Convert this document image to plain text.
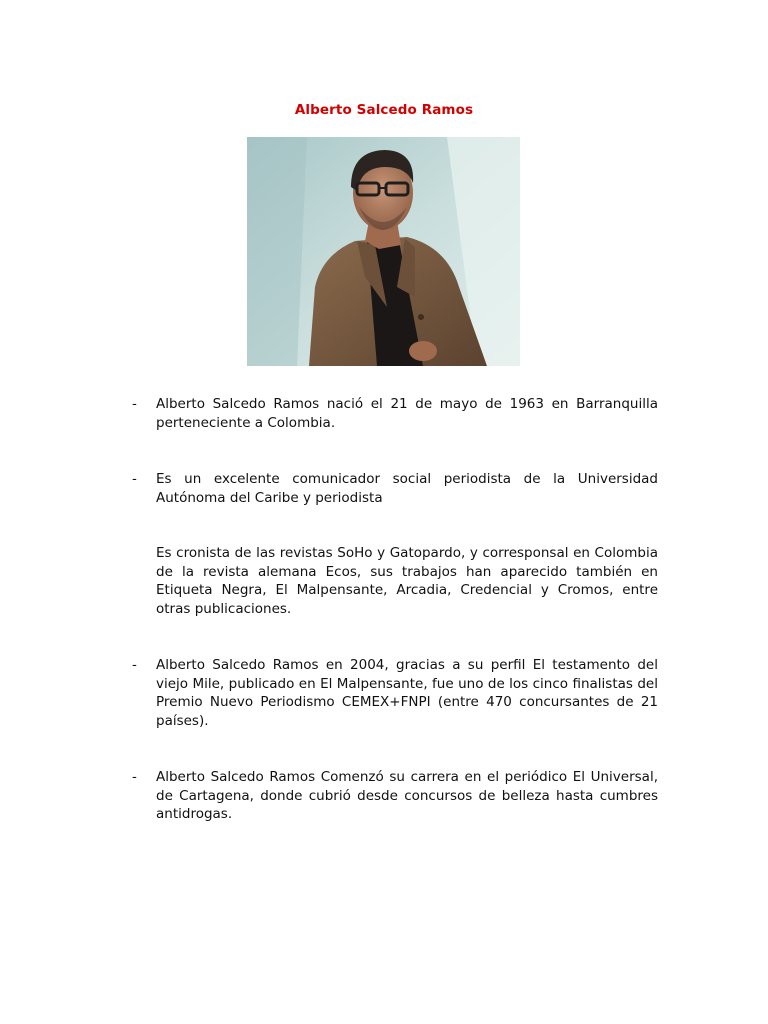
Alberto Salcedo Ramos
- Alberto Salcedo Ramos nació el 21 de mayo de 1963 en Barranquilla perteneciente a Colombia.

- Es un excelente comunicador social periodista de la Universidad Autónoma del Caribe y periodista

Es cronista de las revistas SoHo y Gatopardo, y corresponsal en Colombia de la revista alemana Ecos, sus trabajos han aparecido también en Etiqueta Negra, El Malpensante, Arcadia, Credencial y Cromos, entre otras publicaciones.

- Alberto Salcedo Ramos en 2004, gracias a su perfil El testamento del viejo Mile, publicado en El Malpensante, fue uno de los cinco finalistas del Premio Nuevo Periodismo CEMEX+FNPI (entre 470 concursantes de 21 países).

- Alberto Salcedo Ramos Comenzó su carrera en el periódico El Universal, de Cartagena, donde cubrió desde concursos de belleza hasta cumbres antidrogas.
